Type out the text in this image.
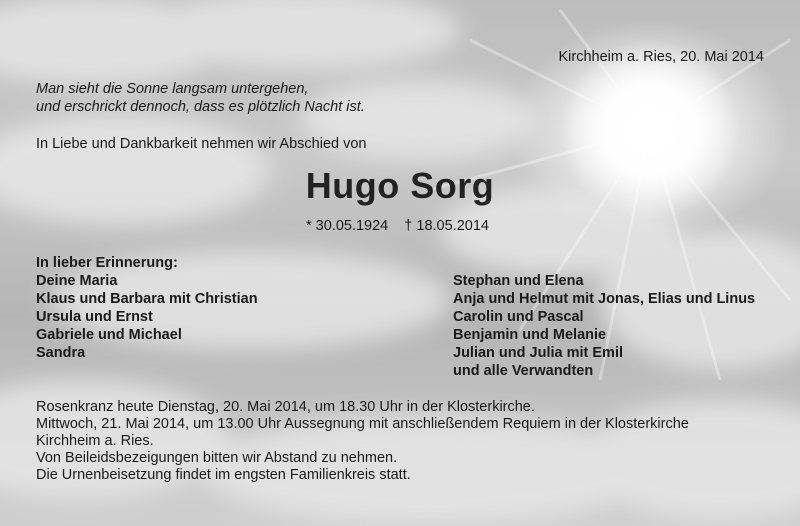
Kirchheim a. Ries, 20. Mai 2014
Man sieht die Sonne langsam untergehen,
und erschrickt dennoch, dass es plötzlich Nacht ist.
In Liebe und Dankbarkeit nehmen wir Abschied von
Hugo Sorg
* 30.05.1924 † 18.05.2014
In lieber Erinnerung:
Deine Maria
Klaus und Barbara mit Christian
Ursula und Ernst
Gabriele und Michael
Sandra
Stephan und Elena
Anja und Helmut mit Jonas, Elias und Linus
Carolin und Pascal
Benjamin und Melanie
Julian und Julia mit Emil
und alle Verwandten
Rosenkranz heute Dienstag, 20. Mai 2014, um 18.30 Uhr in der Klosterkirche.
Mittwoch, 21. Mai 2014, um 13.00 Uhr Aussegnung mit anschließendem Requiem in der Klosterkirche
Kirchheim a. Ries.
Von Beileidsbezeigungen bitten wir Abstand zu nehmen.
Die Urnenbeisetzung findet im engsten Familienkreis statt.
